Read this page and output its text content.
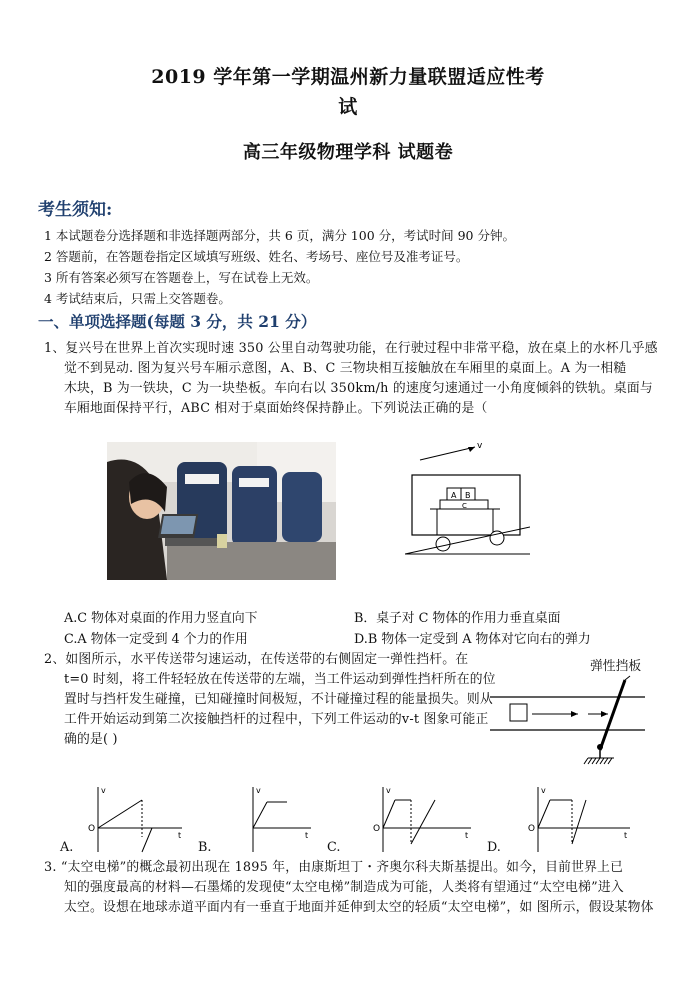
2019 学年第一学期温州新力量联盟适应性考
试
高三年级物理学科 试题卷
考生须知:
1 本试题卷分选择题和非选择题两部分，共 6 页，满分 100 分，考试时间 90 分钟。
2 答题前，在答题卷指定区域填写班级、姓名、考场号、座位号及准考证号。
3 所有答案必须写在答题卷上，写在试卷上无效。
4 考试结束后，只需上交答题卷。
一、单项选择题(每题 3 分，共 21 分）
1、复兴号在世界上首次实现时速 350 公里自动驾驶功能，在行驶过程中非常平稳，放在桌上的水杯几乎感
觉不到晃动. 图为复兴号车厢示意图，A、B、C 三物块相互接触放在车厢里的桌面上。A 为一相糙
木块，B 为一铁块，C 为一块垫板。车向右以 350km/h 的速度匀速通过一小角度倾斜的铁轨。桌面与
车厢地面保持平行，ABC 相对于桌面始终保持静止。下列说法正确的是（
v
A B
C
A.C 物体对桌面的作用力竖直向下	B．桌子对 C 物体的作用力垂直桌面
C.A 物体一定受到 4 个力的作用	D.B 物体一定受到 A 物体对它向右的弹力
2、如图所示，水平传送带匀速运动，在传送带的右侧固定一弹性挡杆。在
t=0 时刻，将工件轻轻放在传送带的左端，当工件运动到弹性挡杆所在的位
置时与挡杆发生碰撞，已知碰撞时间极短，不计碰撞过程的能量损失。则从
工件开始运动到第二次接触挡杆的过程中，下列工件运动的v-t 图象可能正
确的是( )
弹性挡板
v
t
O
A.
v
t
B.
v
t
O
C.
v
t
O
D.
3. “太空电梯”的概念最初出现在 1895 年，由康斯坦丁・齐奥尔科夫斯基提出。如今，目前世界上已
知的强度最高的材料—石墨烯的发现使“太空电梯”制造成为可能，人类将有望通过“太空电梯”进入
太空。设想在地球赤道平面内有一垂直于地面并延伸到太空的轻质“太空电梯”，如 图所示，假设某物体
